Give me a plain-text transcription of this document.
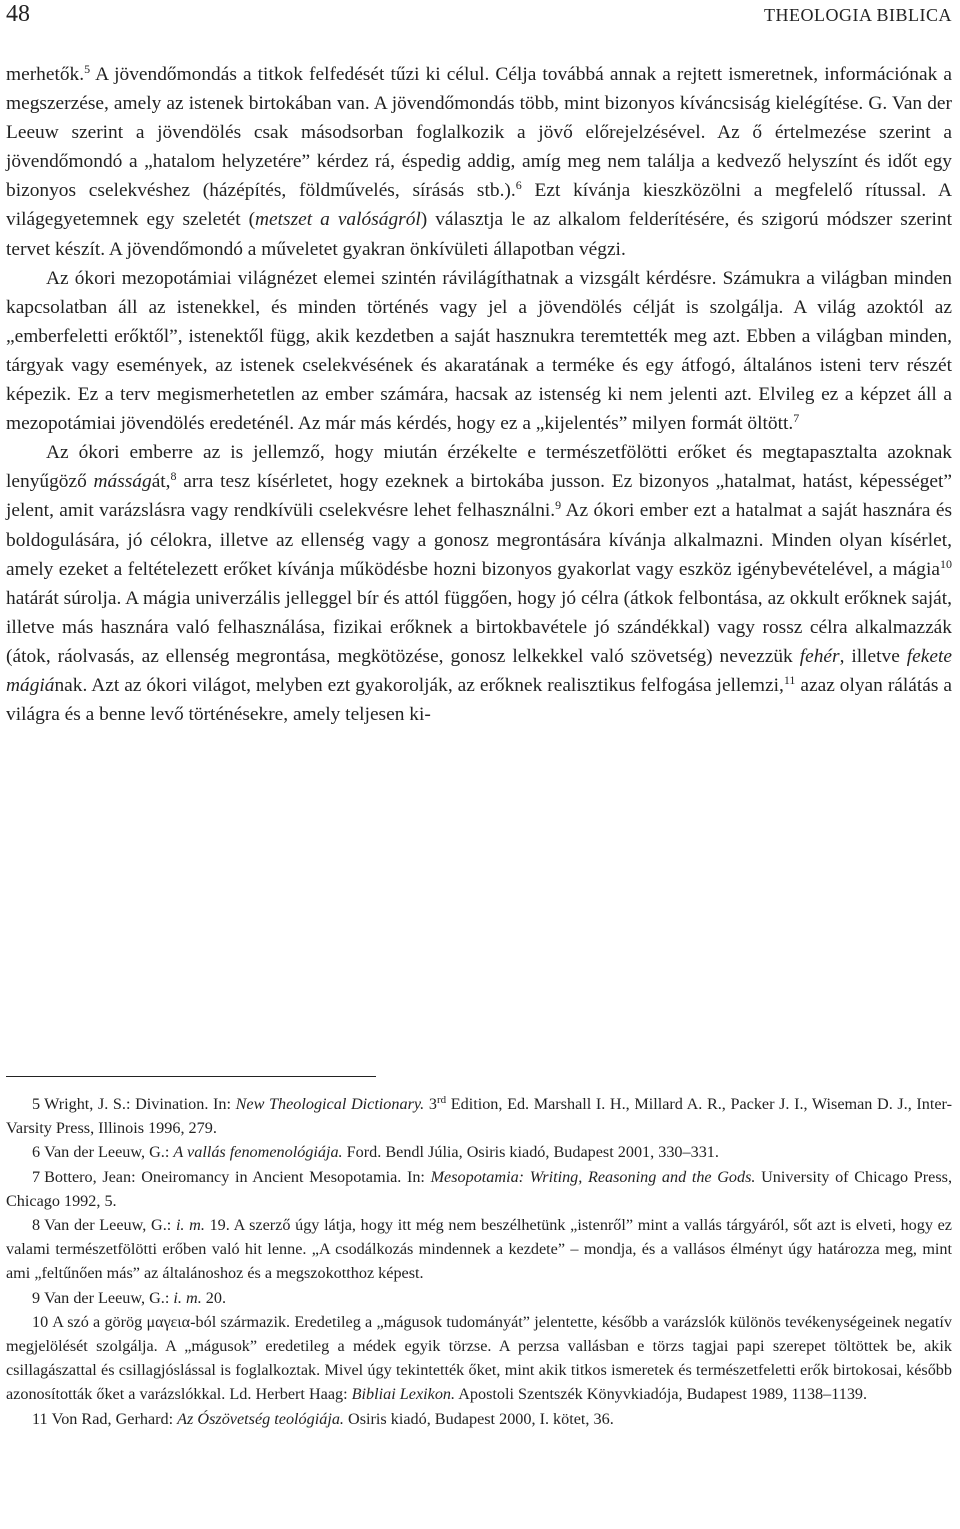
48	THEOLOGIA BIBLICA

merhetők.$^5$ A jövendőmondás a titkok felfedését tűzi ki célul. Célja továbbá annak a rejtett ismeretnek, információnak a megszerzése, amely az istenek birtokában van. A jövendőmondás több, mint bizonyos kíváncsiság kielégítése. G. Van der Leeuw szerint a jövendölés csak másodsorban foglalkozik a jövő előrejelzésével. Az ő értelmezése szerint a jövendőmondó a „hatalom helyzetére” kérdez rá, éspedig addig, amíg meg nem találja a kedvező helyszínt és időt egy bizonyos cselekvéshez (házépítés, földművelés, sírásás stb.).$^6$ Ezt kívánja kieszközölni a megfelelő rítussal. A világegyetemnek egy szeletét (metszet a valóságról) választja le az alkalom felderítésére, és szigorú módszer szerint tervet készít. A jövendőmondó a műveletet gyakran önkívületi állapotban végzi.

Az ókori mezopotámiai világnézet elemei szintén rávilágíthatnak a vizsgált kérdésre. Számukra a világban minden kapcsolatban áll az istenekkel, és minden történés vagy jel a jövendölés célját is szolgálja. A világ azoktól az „emberfeletti erőktől”, istenektől függ, akik kezdetben a saját hasznukra teremtették meg azt. Ebben a világban minden, tárgyak vagy események, az istenek cselekvésének és akaratának a terméke és egy átfogó, általános isteni terv részét képezik. Ez a terv megismerhetetlen az ember számára, hacsak az istenség ki nem jelenti azt. Elvileg ez a képzet áll a mezopotámiai jövendölés eredeténél. Az már más kérdés, hogy ez a „kijelentés” milyen formát öltött.$^7$

Az ókori emberre az is jellemző, hogy miután érzékelte e természetfölötti erőket és megtapasztalta azoknak lenyűgöző másságát,$^8$ arra tesz kísérletet, hogy ezeknek a birtokába jusson. Ez bizonyos „hatalmat, hatást, képességet” jelent, amit varázslásra vagy rendkívüli cselekvésre lehet felhasználni.$^9$ Az ókori ember ezt a hatalmat a saját hasznára és boldogulására, jó célokra, illetve az ellenség vagy a gonosz megrontására kívánja alkalmazni. Minden olyan kísérlet, amely ezeket a feltételezett erőket kívánja működésbe hozni bizonyos gyakorlat vagy eszköz igénybevételével, a mágia$^{10}$ határát súrolja. A mágia univerzális jelleggel bír és attól függően, hogy jó célra (átkok felbontása, az okkult erőknek saját, illetve más hasznára való felhasználása, fizikai erőknek a birtokbavétele jó szándékkal) vagy rossz célra alkalmazzák (átok, ráolvasás, az ellenség megrontása, megkötözése, gonosz lelkekkel való szövetség) nevezzük fehér, illetve fekete mágiának. Azt az ókori világot, melyben ezt gyakorolják, az erőknek realisztikus felfogása jellemzi,$^{11}$ azaz olyan rálátás a világra és a benne levő történésekre, amely teljesen ki-

5 Wright, J. S.: Divination. In: New Theological Dictionary. 3rd Edition, Ed. Marshall I. H., Millard A. R., Packer J. I., Wiseman D. J., Inter-Varsity Press, Illinois 1996, 279.

6 Van der Leeuw, G.: A vallás fenomenológiája. Ford. Bendl Júlia, Osiris kiadó, Budapest 2001, 330–331.

7 Bottero, Jean: Oneiromancy in Ancient Mesopotamia. In: Mesopotamia: Writing, Reasoning and the Gods. University of Chicago Press, Chicago 1992, 5.

8 Van der Leeuw, G.: i. m. 19. A szerző úgy látja, hogy itt még nem beszélhetünk „istenről” mint a vallás tárgyáról, sőt azt is elveti, hogy ez valami természetfölötti erőben való hit lenne. „A csodálkozás mindennek a kezdete” – mondja, és a vallásos élményt úgy határozza meg, mint ami „feltűnően más” az általánoshoz és a megszokotthoz képest.

9 Van der Leeuw, G.: i. m. 20.

10 A szó a görög μαγεια-ból származik. Eredetileg a „mágusok tudományát” jelentette, később a varázslók különös tevékenységeinek negatív megjelölését szolgálja. A „mágusok” eredetileg a médek egyik törzse. A perzsa vallásban e törzs tagjai papi szerepet töltöttek be, akik csillagászattal és csillagjóslással is foglalkoztak. Mivel úgy tekintették őket, mint akik titkos ismeretek és természetfeletti erők birtokosai, később azonosították őket a varázslókkal. Ld. Herbert Haag: Bibliai Lexikon. Apostoli Szentszék Könyvkiadója, Budapest 1989, 1138–1139.

11 Von Rad, Gerhard: Az Ószövetség teológiája. Osiris kiadó, Budapest 2000, I. kötet, 36.
